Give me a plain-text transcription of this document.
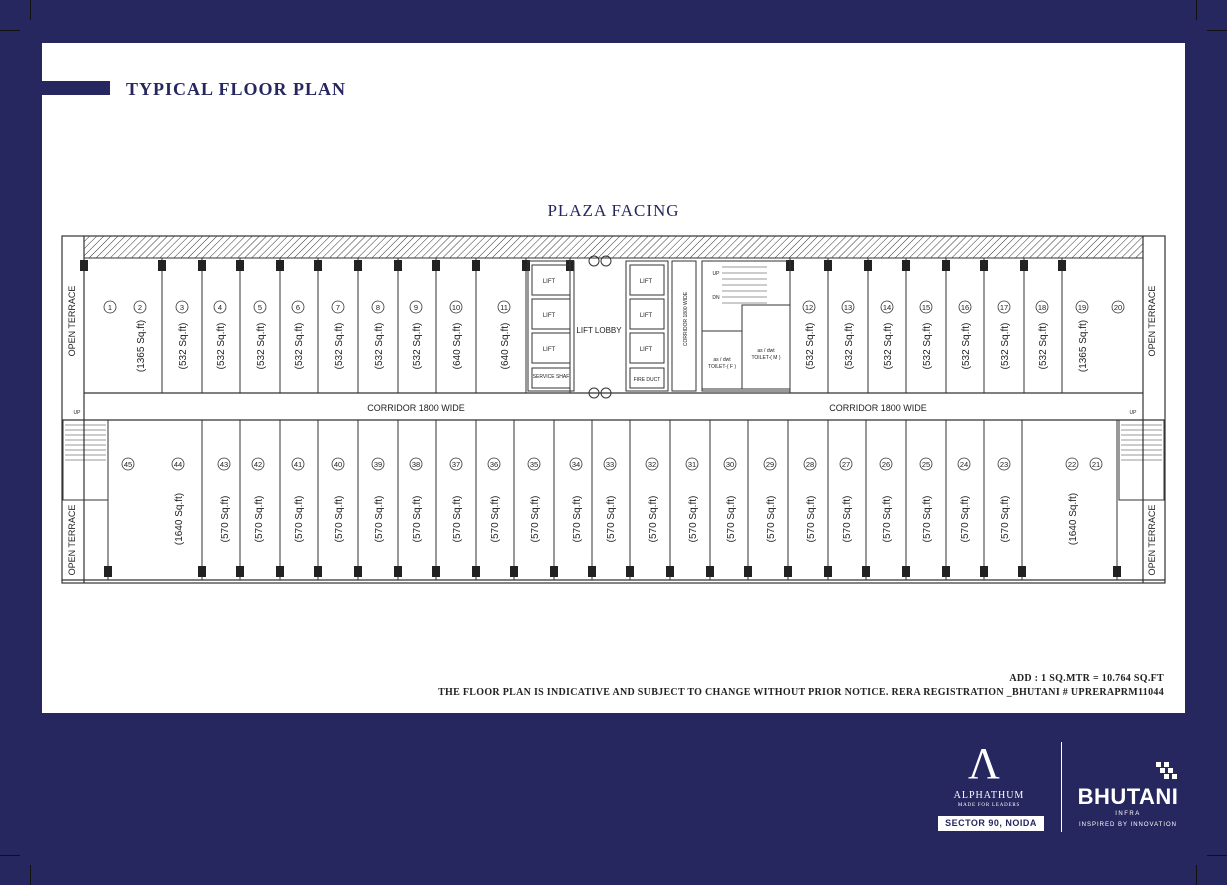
TYPICAL FLOOR PLAN
PLAZA FACING
OPEN TERRACE
OPEN TERRACE
OPEN TERRACE
OPEN TERRACE
CORRIDOR 1800 WIDE	CORRIDOR 1800 WIDE
UP	UP
1	2
(1365 Sq.ft)
3
(532 Sq.ft)
4
(532 Sq.ft)
5
(532 Sq.ft)
6
(532 Sq.ft)
7
(532 Sq.ft)
8
(532 Sq.ft)
9
(532 Sq.ft)
10
(640 Sq.ft)
11
(640 Sq.ft)
12
(532 Sq.ft)
13
(532 Sq.ft)
14
(532 Sq.ft)
15
(532 Sq.ft)
16
(532 Sq.ft)
17
(532 Sq.ft)
18
(532 Sq.ft)
19
(1365 Sq.ft)
20
LIFT	LIFT
LIFT	LIFT
LIFT	LIFT
SERVICE SHAF	FIRE DUCT
LIFT LOBBY	CORRIDOR 1800 WIDE
UP
DN
as / dwt
TOILET-( F )
as / dwt
TOILET-( M )
45	44
(1640 Sq.ft)
43
(570 Sq.ft)
42
(570 Sq.ft)
41
(570 Sq.ft)
40
(570 Sq.ft)
39
(570 Sq.ft)
38
(570 Sq.ft)
37
(570 Sq.ft)
36
(570 Sq.ft)
35
(570 Sq.ft)
34
(570 Sq.ft)
33
(570 Sq.ft)
32
(570 Sq.ft)
31
(570 Sq.ft)
30
(570 Sq.ft)
29
(570 Sq.ft)
28
(570 Sq.ft)
27
(570 Sq.ft)
26
(570 Sq.ft)
25
(570 Sq.ft)
24
(570 Sq.ft)
23
(570 Sq.ft)
22
(1640 Sq.ft)
21
ADD : 1 SQ.MTR = 10.764 SQ.FT
THE FLOOR PLAN IS INDICATIVE AND SUBJECT TO CHANGE WITHOUT PRIOR NOTICE. RERA REGISTRATION _BHUTANI # UPRERAPRM11044
Λ
ALPHATHUM
MADE FOR LEADERS
SECTOR 90, NOIDA
BHUTANI
INFRA
INSPIRED BY INNOVATION
